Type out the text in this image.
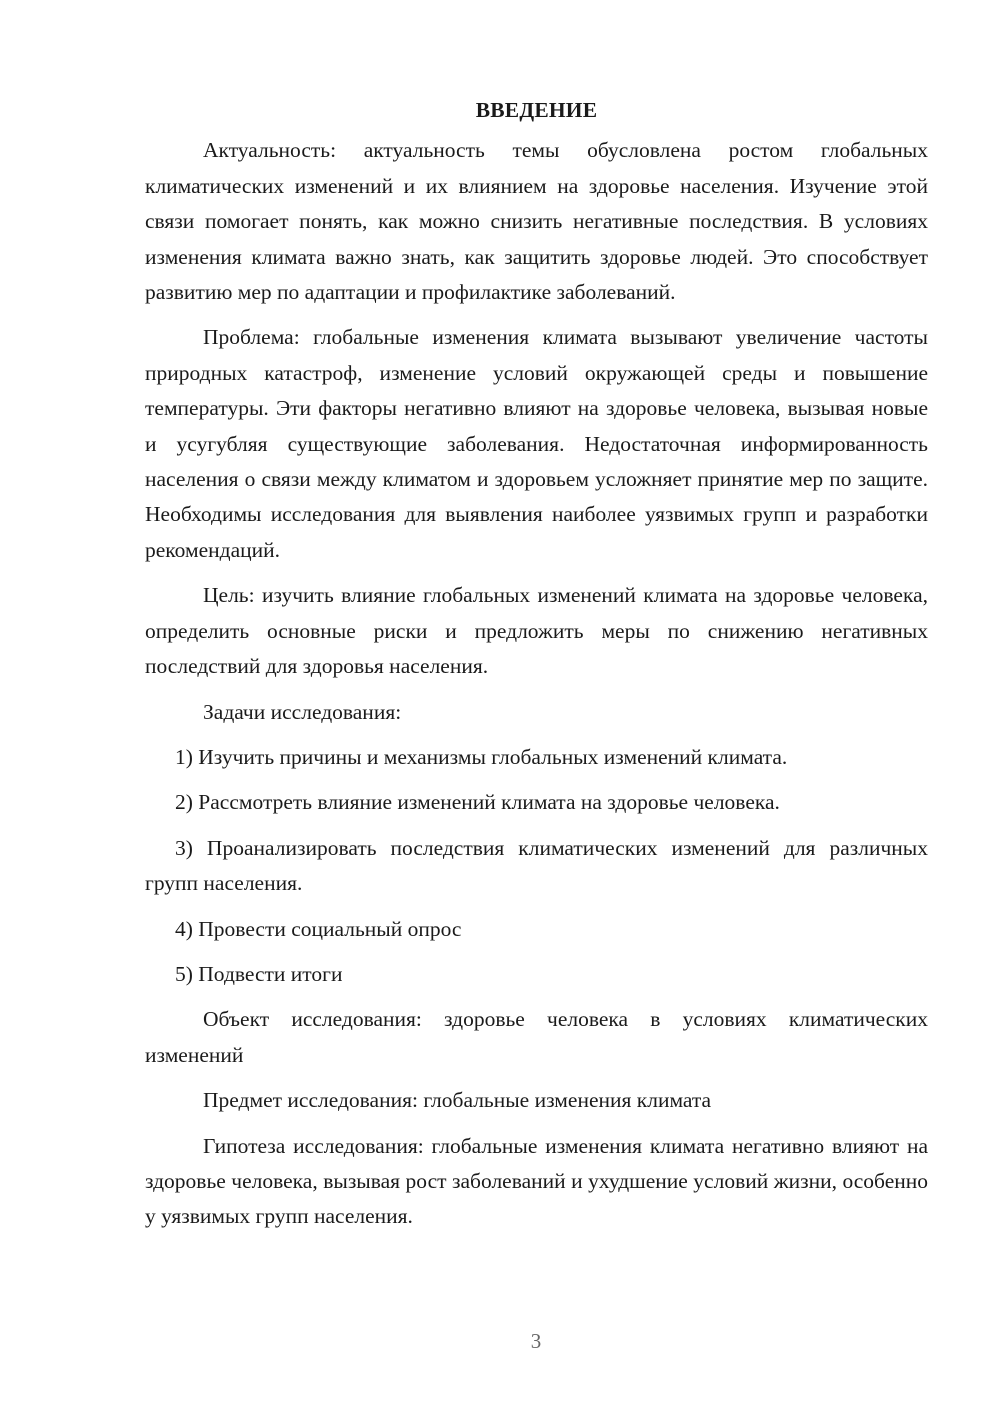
ВВЕДЕНИЕ

Актуальность: актуальность темы обусловлена ростом глобальных климатических изменений и их влиянием на здоровье населения. Изучение этой связи помогает понять, как можно снизить негативные последствия. В условиях изменения климата важно знать, как защитить здоровье людей. Это способствует развитию мер по адаптации и профилактике заболеваний.

Проблема: глобальные изменения климата вызывают увеличение частоты природных катастроф, изменение условий окружающей среды и повышение температуры. Эти факторы негативно влияют на здоровье человека, вызывая новые и усугубляя существующие заболевания. Недостаточная информированность населения о связи между климатом и здоровьем усложняет принятие мер по защите. Необходимы исследования для выявления наиболее уязвимых групп и разработки рекомендаций.

Цель: изучить влияние глобальных изменений климата на здоровье человека, определить основные риски и предложить меры по снижению негативных последствий для здоровья населения.

Задачи исследования:

1) Изучить причины и механизмы глобальных изменений климата.

2) Рассмотреть влияние изменений климата на здоровье человека.

3) Проанализировать последствия климатических изменений для различных групп населения.

4) Провести социальный опрос

5) Подвести итоги

Объект исследования: здоровье человека в условиях климатических изменений

Предмет исследования: глобальные изменения климата

Гипотеза исследования: глобальные изменения климата негативно влияют на здоровье человека, вызывая рост заболеваний и ухудшение условий жизни, особенно у уязвимых групп населения.

3
